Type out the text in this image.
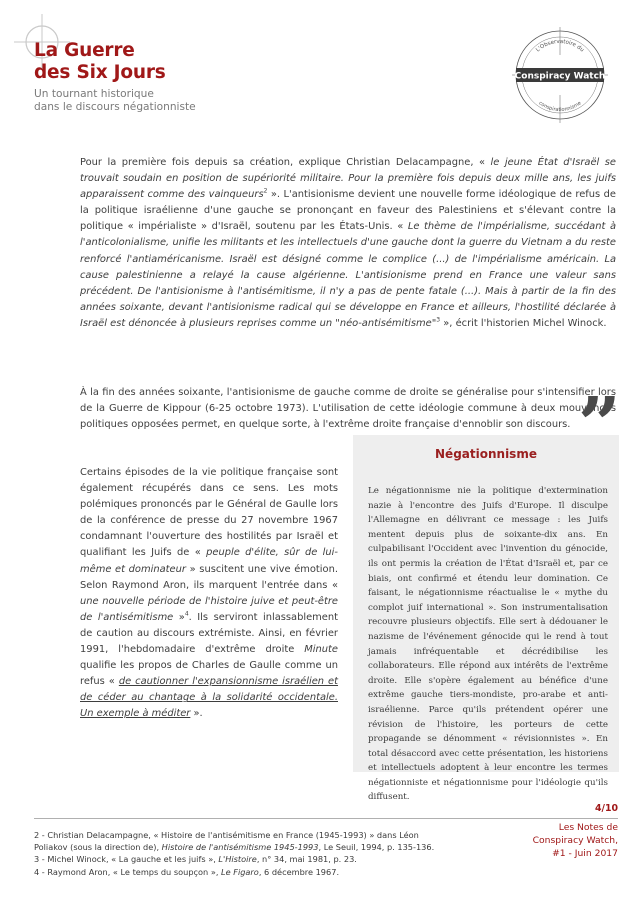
La Guerre
des Six Jours

Un tournant historique
dans le discours négationniste

L'Observatoire du
Conspiracy Watch
conspirationnisme

Pour la première fois depuis sa création, explique Christian Delacampagne, « le jeune État d'Israël se trouvait soudain en position de supériorité militaire. Pour la première fois depuis deux mille ans, les juifs apparaissent comme des vainqueurs$^2$ ». L'antisionisme devient une nouvelle forme idéologique de refus de la politique israélienne d'une gauche se prononçant en faveur des Palestiniens et s'élevant contre la politique « impérialiste » d'Israël, soutenu par les États-Unis. « Le thème de l'impérialisme, succédant à l'anticolonialisme, unifie les militants et les intellectuels d'une gauche dont la guerre du Vietnam a du reste renforcé l'antiaméricanisme. Israël est désigné comme le complice (...) de l'impérialisme américain. La cause palestinienne a relayé la cause algérienne. L'antisionisme prend en France une valeur sans précédent. De l'antisionisme à l'antisémitisme, il n'y a pas de pente fatale (...). Mais à partir de la fin des années soixante, devant l'antisionisme radical qui se développe en France et ailleurs, l'hostilité déclarée à Israël est dénoncée à plusieurs reprises comme un "néo-antisémitisme"$^3$ », écrit l'historien Michel Winock.

À la fin des années soixante, l'antisionisme de gauche comme de droite se généralise pour s'intensifier lors de la Guerre de Kippour (6-25 octobre 1973). L'utilisation de cette idéologie commune à deux mouvances politiques opposées permet, en quelque sorte, à l'extrême droite française d'ennoblir son discours.

Certains épisodes de la vie politique française sont également récupérés dans ce sens. Les mots polémiques prononcés par le Général de Gaulle lors de la conférence de presse du 27 novembre 1967 condamnant l'ouverture des hostilités par Israël et qualifiant les Juifs de « peuple d'élite, sûr de lui-même et dominateur » suscitent une vive émotion. Selon Raymond Aron, ils marquent l'entrée dans « une nouvelle période de l'histoire juive et peut-être de l'antisémitisme »$^4$. Ils serviront inlassablement de caution au discours extrémiste. Ainsi, en février 1991, l'hebdomadaire d'extrême droite Minute qualifie les propos de Charles de Gaulle comme un refus « de cautionner l'expansionnisme israélien et de céder au chantage à la solidarité occidentale. Un exemple à méditer ».

Négationnisme

Le négationnisme nie la politique d'extermination nazie à l'encontre des Juifs d'Europe. Il disculpe l'Allemagne en délivrant ce message : les Juifs mentent depuis plus de soixante-dix ans. En culpabilisant l'Occident avec l'invention du génocide, ils ont permis la création de l'État d'Israël et, par ce biais, ont confirmé et étendu leur domination. Ce faisant, le négationnisme réactualise le « mythe du complot juif international ». Son instrumentalisation recouvre plusieurs objectifs. Elle sert à dédouaner le nazisme de l'événement génocide qui le rend à tout jamais infréquentable et décrédibilise les collaborateurs. Elle répond aux intérêts de l'extrême droite. Elle s'opère également au bénéfice d'une extrême gauche tiers-mondiste, pro-arabe et anti-israélienne. Parce qu'ils prétendent opérer une révision de l'histoire, les porteurs de cette propagande se dénomment « révisionnistes ». En total désaccord avec cette présentation, les historiens et intellectuels adoptent à leur encontre les termes négationniste et négationnisme pour l'idéologie qu'ils diffusent.

”
4/10
Les Notes de
Conspiracy Watch,
#1 - Juin 2017
2 - Christian Delacampagne, « Histoire de l'antisémitisme en France (1945-1993) » dans Léon Poliakov (sous la direction de), Histoire de l'antisémitisme 1945-1993, Le Seuil, 1994, p. 135-136.
3 - Michel Winock, « La gauche et les juifs », L'Histoire, n° 34, mai 1981, p. 23.
4 - Raymond Aron, « Le temps du soupçon », Le Figaro, 6 décembre 1967.
